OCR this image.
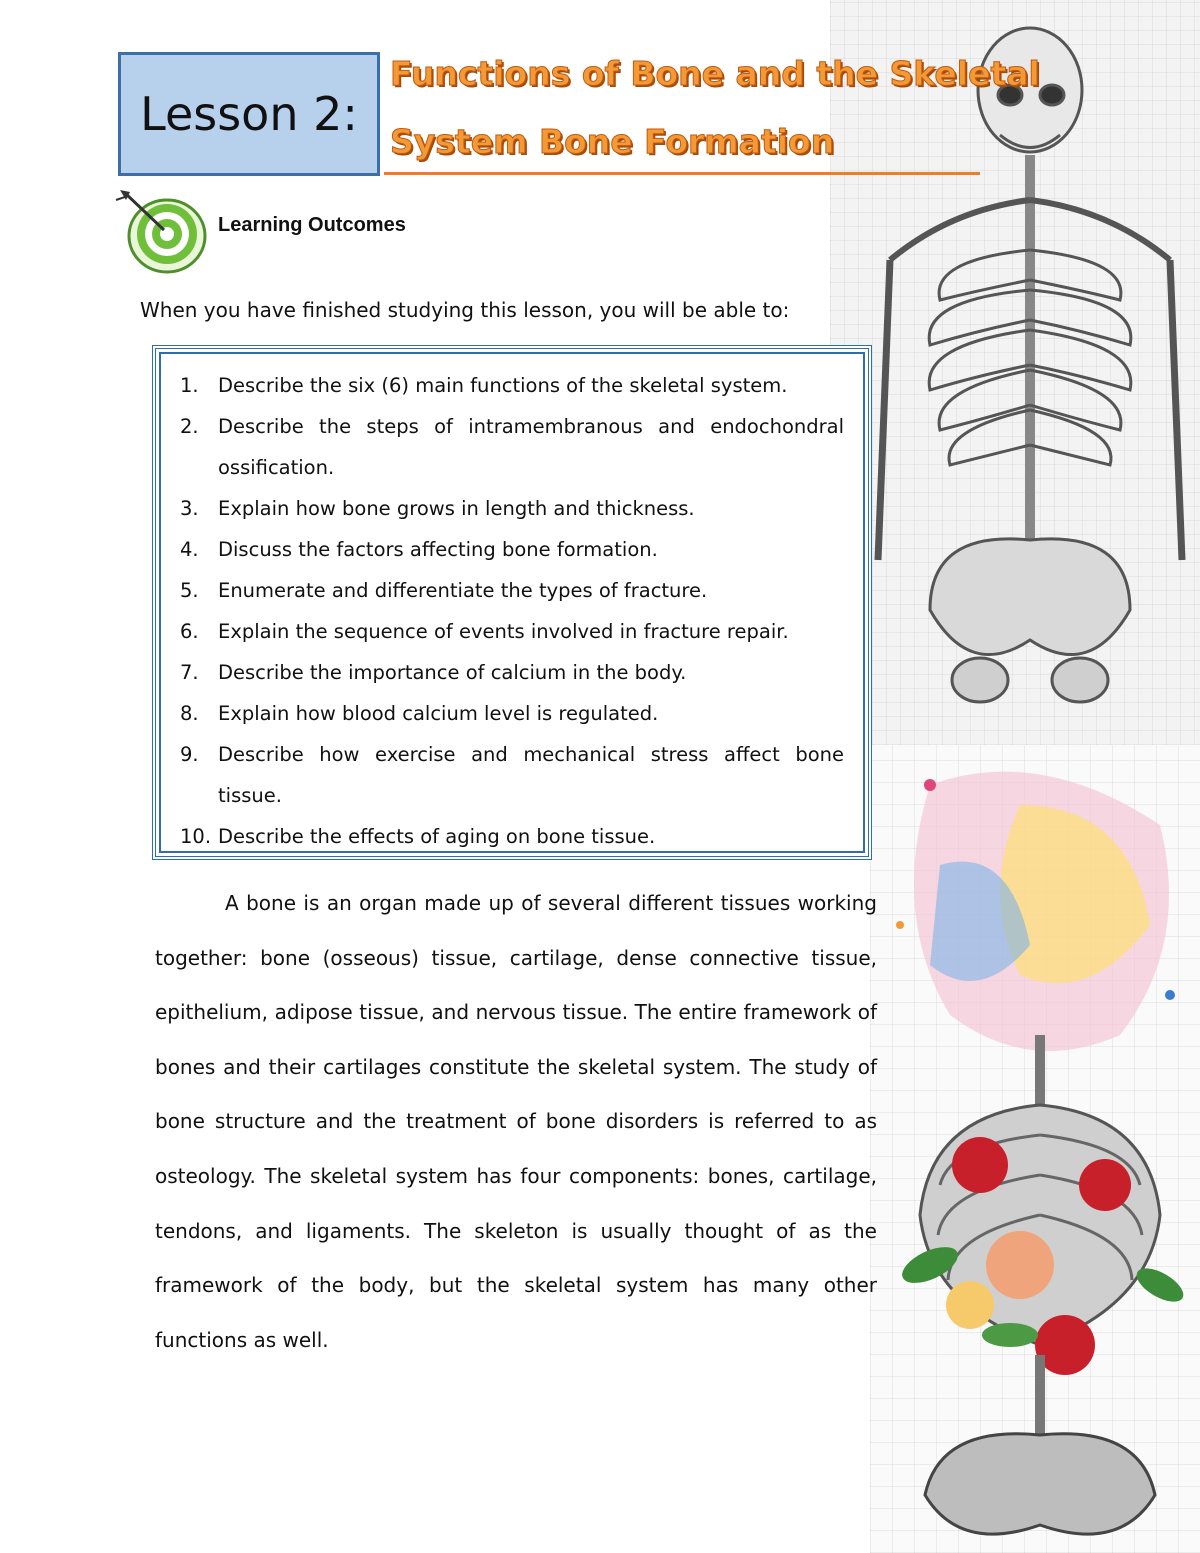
Lesson 2:
Functions of Bone and the Skeletal
System Bone Formation
Learning Outcomes
When you have finished studying this lesson, you will be able to:
1. Describe the six (6) main functions of the skeletal system.
2. Describe the steps of intramembranous and endochondral ossification.
3. Explain how bone grows in length and thickness.
4. Discuss the factors affecting bone formation.
5. Enumerate and differentiate the types of fracture.
6. Explain the sequence of events involved in fracture repair.
7. Describe the importance of calcium in the body.
8. Explain how blood calcium level is regulated.
9. Describe how exercise and mechanical stress affect bone tissue.
10. Describe the effects of aging on bone tissue.

A bone is an organ made up of several different tissues working together: bone (osseous) tissue, cartilage, dense connective tissue, epithelium, adipose tissue, and nervous tissue. The entire framework of bones and their cartilages constitute the skeletal system. The study of bone structure and the treatment of bone disorders is referred to as osteology. The skeletal system has four components: bones, cartilage, tendons, and ligaments. The skeleton is usually thought of as the framework of the body, but the skeletal system has many other functions as well.
